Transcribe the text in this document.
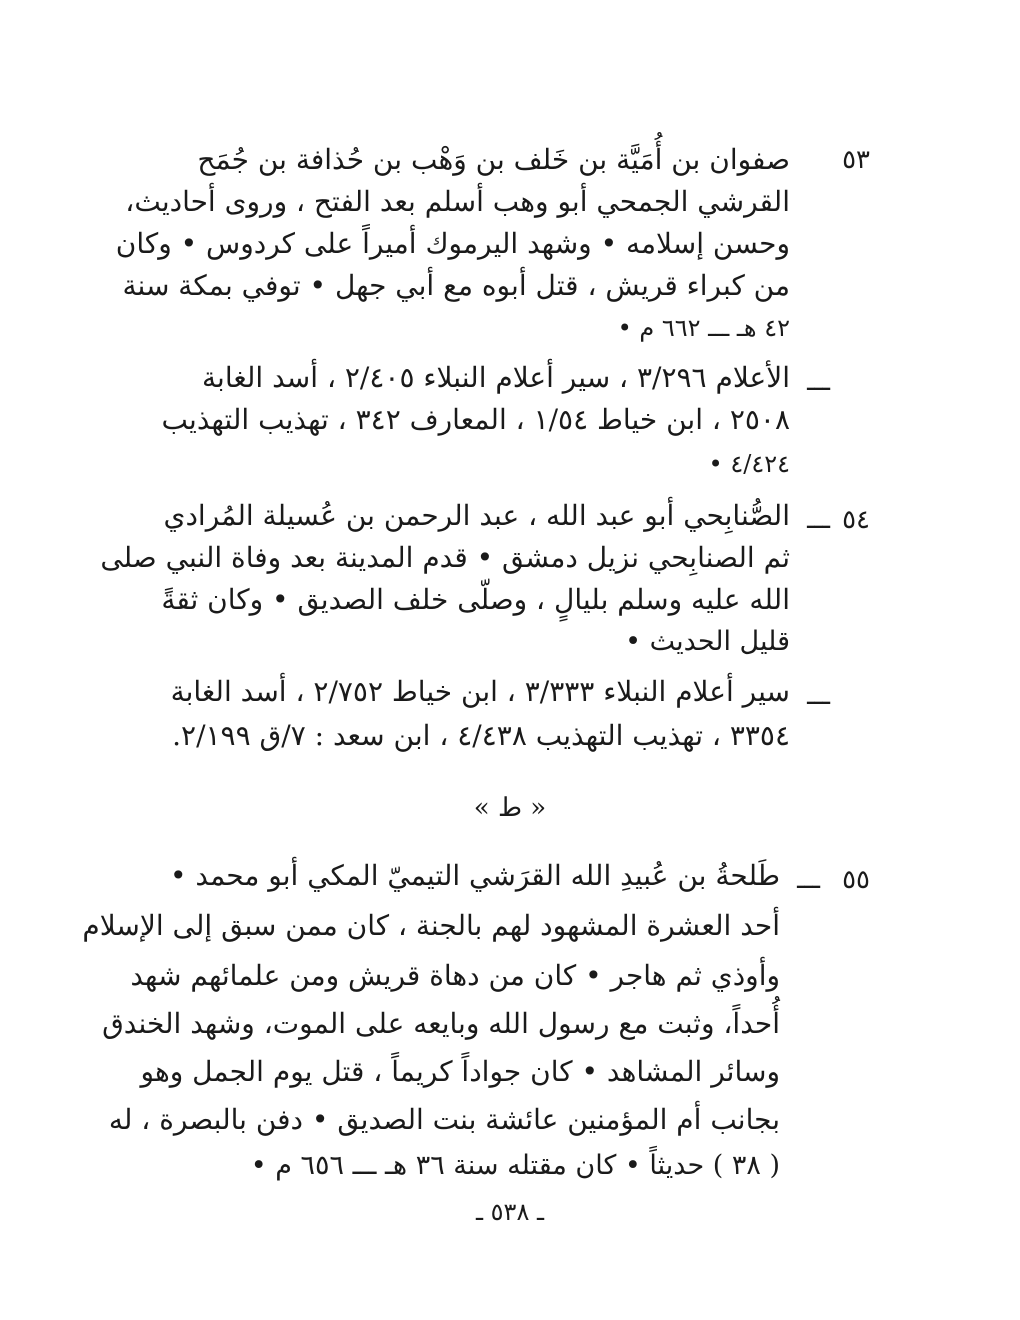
٥٣
صفوان بن أُمَيَّة بن خَلف بن وَهْب بن حُذافة بن جُمَح
القرشي الجمحي أبو وهب أسلم بعد الفتح ، وروى أحاديث،
وحسن إسلامه • وشهد اليرموك أميراً على كردوس • وكان
من كبراء قريش ، قتل أبوه مع أبي جهل • توفي بمكة سنة
٤٢ هـ ـــ ٦٦٢ م •
ـــ
الأعلام ٣/٢٩٦ ، سير أعلام النبلاء ٢/٤٠٥ ، أسد الغابة
٢٥٠٨ ، ابن خياط ١/٥٤ ، المعارف ٣٤٢ ، تهذيب التهذيب
٤/٤٢٤ •
٥٤
ـــ
الصُّنابِحي أبو عبد الله ، عبد الرحمن بن عُسيلة المُرادي
ثم الصنابِحي نزيل دمشق • قدم المدينة بعد وفاة النبي صلى
الله عليه وسلم بليالٍ ، وصلّى خلف الصديق • وكان ثقةً
قليل الحديث •
ـــ
سير أعلام النبلاء ٣/٣٣٣ ، ابن خياط ٢/٧٥٢ ، أسد الغابة
٣٣٥٤ ، تهذيب التهذيب ٤/٤٣٨ ، ابن سعد : ٧/ق ٢/١٩٩.
« ط »
٥٥
ـــ
طَلحةُ بن عُبيدِ الله القرَشي التيميّ المكي أبو محمد •
أحد العشرة المشهود لهم بالجنة ، كان ممن سبق إلى الإسلام
وأوذي ثم هاجر • كان من دهاة قريش ومن علمائهم شهد
أُحداً، وثبت مع رسول الله وبايعه على الموت، وشهد الخندق
وسائر المشاهد • كان جواداً كريماً ، قتل يوم الجمل وهو
بجانب أم المؤمنين عائشة بنت الصديق • دفن بالبصرة ، له
( ٣٨ ) حديثاً • كان مقتله سنة ٣٦ هـ ـــ ٦٥٦ م •
ـ ٥٣٨ ـ
